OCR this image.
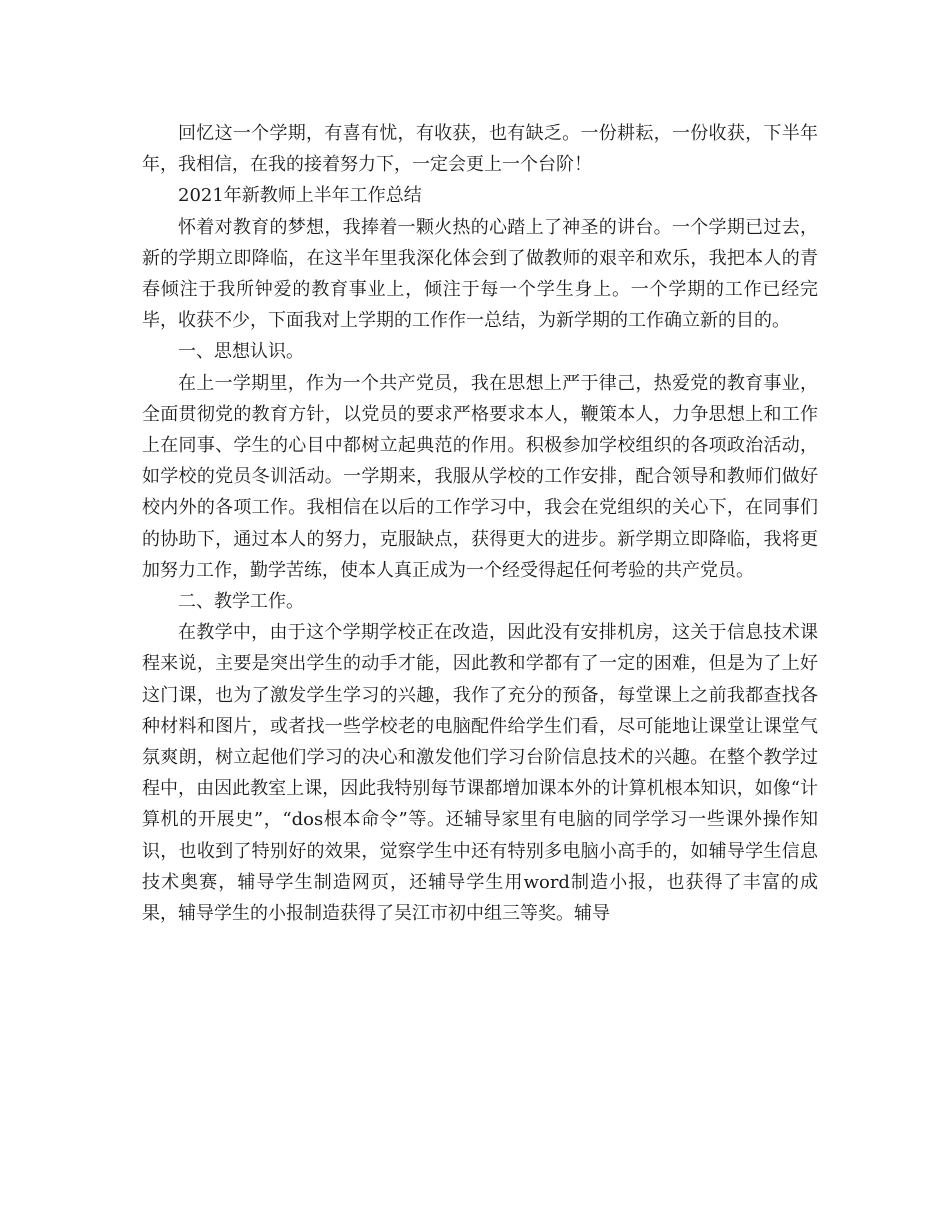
回忆这一个学期，有喜有忧，有收获，也有缺乏。一份耕耘，一份收获，下半年年，我相信，在我的接着努力下，一定会更上一个台阶！

2021年新教师上半年工作总结

怀着对教育的梦想，我捧着一颗火热的心踏上了神圣的讲台。一个学期已过去，新的学期立即降临，在这半年里我深化体会到了做教师的艰辛和欢乐，我把本人的青春倾注于我所钟爱的教育事业上，倾注于每一个学生身上。一个学期的工作已经完毕，收获不少，下面我对上学期的工作作一总结，为新学期的工作确立新的目的。

一、思想认识。

在上一学期里，作为一个共产党员，我在思想上严于律己，热爱党的教育事业，全面贯彻党的教育方针，以党员的要求严格要求本人，鞭策本人，力争思想上和工作上在同事、学生的心目中都树立起典范的作用。积极参加学校组织的各项政治活动，如学校的党员冬训活动。一学期来，我服从学校的工作安排，配合领导和教师们做好校内外的各项工作。我相信在以后的工作学习中，我会在党组织的关心下，在同事们的协助下，通过本人的努力，克服缺点，获得更大的进步。新学期立即降临，我将更加努力工作，勤学苦练，使本人真正成为一个经受得起任何考验的共产党员。

二、教学工作。

在教学中，由于这个学期学校正在改造，因此没有安排机房，这关于信息技术课程来说，主要是突出学生的动手才能，因此教和学都有了一定的困难，但是为了上好这门课，也为了激发学生学习的兴趣，我作了充分的预备，每堂课上之前我都查找各种材料和图片，或者找一些学校老的电脑配件给学生们看，尽可能地让课堂让课堂气氛爽朗，树立起他们学习的决心和激发他们学习台阶信息技术的兴趣。在整个教学过程中，由因此教室上课，因此我特别每节课都增加课本外的计算机根本知识，如像“计算机的开展史”，“dos根本命令”等。还辅导家里有电脑的同学学习一些课外操作知识，也收到了特别好的效果，觉察学生中还有特别多电脑小高手的，如辅导学生信息技术奥赛，辅导学生制造网页，还辅导学生用word制造小报，也获得了丰富的成果，辅导学生的小报制造获得了吴江市初中组三等奖。辅导
